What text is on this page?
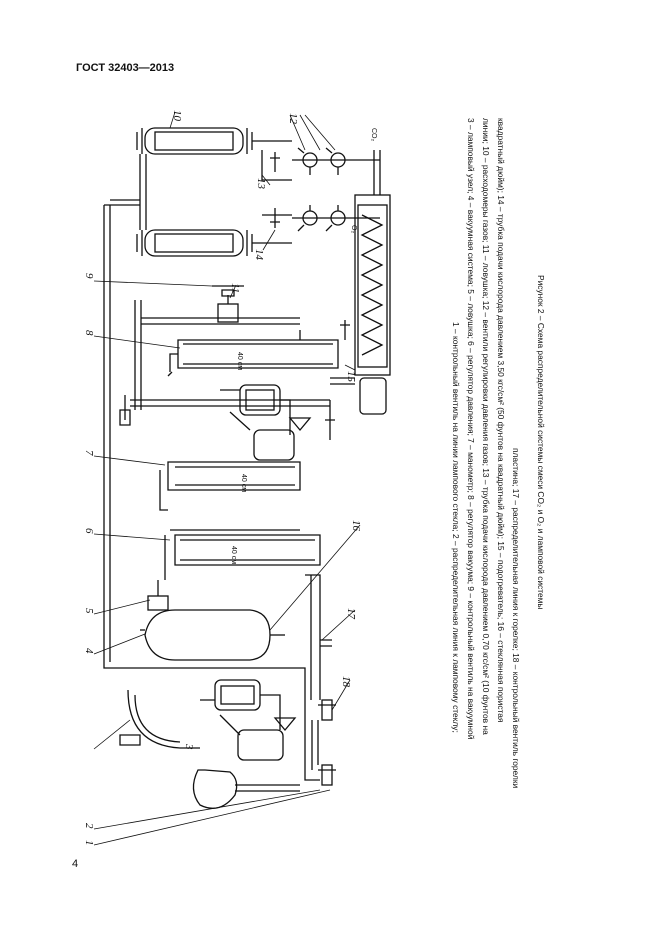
ГОСТ 32403—2013
10	12
13
14
9
11
8
15
7
6	16
5	17
4
18
3
2
1
CO₂
O₂
40 см
40 см
40 см	1 – контрольный вентиль на линии лампового стекла; 2 – распределительная линия к ламповому стеклу; 3 – ламповый узел; 4 – вакуумная система; 5 – ловушка; 6 – регулятор давления; 7 – манометр; 8 – регулятор вакуума; 9 – контрольный вентиль на вакуумной линии; 10 – расходомеры газов; 11 – ловушка; 12 – вентили регулировки давления газов; 13 – трубка подачи кислорода давлением 0,70 кгс/см² (10 фунтов на квадратный дюйм); 14 – трубка подачи кислорода давлением 3,50 кгс/см² (50 фунтов на квадратный дюйм); 15 – подогреватель; 16 – стеклянная пористая пластина; 17 – распределительная линия к горелке; 18 – контрольный вентиль горелки
Рисунок 2 – Схема распределительной системы смеси CO₂ и O₂ и ламповой системы
4
